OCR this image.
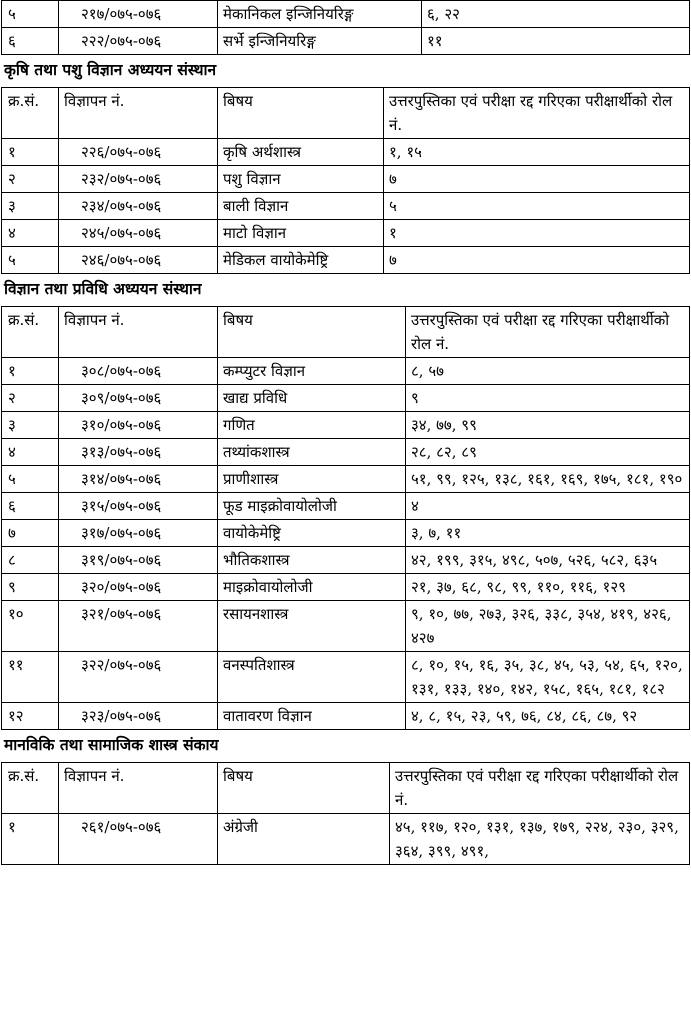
५	२१७/०७५-०७६	मेकानिकल इन्जिनियरिङ्ग	६, २२
६	२२२/०७५-०७६	सर्भे इन्जिनियरिङ्ग	११
कृषि तथा पशु विज्ञान अध्ययन संस्थान
क्र.सं.	विज्ञापन नं.	बिषय	उत्तरपुस्तिका एवं परीक्षा रद्द गरिएका परीक्षार्थीको रोल नं.
१	२२६/०७५-०७६	कृषि अर्थशास्त्र	१, १५
२	२३२/०७५-०७६	पशु विज्ञान	७
३	२३४/०७५-०७६	बाली विज्ञान	५
४	२४५/०७५-०७६	माटो विज्ञान	१
५	२४६/०७५-०७६	मेडिकल वायोकेमेष्ट्रि	७
विज्ञान तथा प्रविधि अध्ययन संस्थान
क्र.सं.	विज्ञापन नं.	बिषय	उत्तरपुस्तिका एवं परीक्षा रद्द गरिएका परीक्षार्थीको रोल नं.
१	३०८/०७५-०७६	कम्प्युटर विज्ञान	८, ५७
२	३०९/०७५-०७६	खाद्य प्रविधि	९
३	३१०/०७५-०७६	गणित	३४, ७७, ९९
४	३१३/०७५-०७६	तथ्यांकशास्त्र	२८, ८२, ८९
५	३१४/०७५-०७६	प्राणीशास्त्र	५१, ९९, १२५, १३८, १६१, १६९, १७५, १८१, १९०
६	३१५/०७५-०७६	फूड माइक्रोवायोलोजी	४
७	३१७/०७५-०७६	वायोकेमेष्ट्रि	३, ७, ११
८	३१९/०७५-०७६	भौतिकशास्त्र	४२, १९९, ३१५, ४९८, ५०७, ५२६, ५८२, ६३५
९	३२०/०७५-०७६	माइक्रोवायोलोजी	२१, ३७, ६८, ९८, ९९, ११०, ११६, १२९
१०	३२१/०७५-०७६	रसायनशास्त्र	९, १०, ७७, २७३, ३२६, ३३८, ३५४, ४१९, ४२६, ४२७
११	३२२/०७५-०७६	वनस्पतिशास्त्र	८, १०, १५, १६, ३५, ३८, ४५, ५३, ५४, ६५, १२०, १३१, १३३, १४०, १४२, १५८, १६५, १८१, १८२
१२	३२३/०७५-०७६	वातावरण विज्ञान	४, ८, १५, २३, ५९, ७६, ८४, ८६, ८७, ९२
मानविकि तथा सामाजिक शास्त्र संकाय
क्र.सं.	विज्ञापन नं.	बिषय	उत्तरपुस्तिका एवं परीक्षा रद्द गरिएका परीक्षार्थीको रोल नं.
१	२६१/०७५-०७६	अंग्रेजी	४५, ११७, १२०, १३१, १३७, १७९, २२४, २३०, ३२९, ३६४, ३९९, ४९१,
